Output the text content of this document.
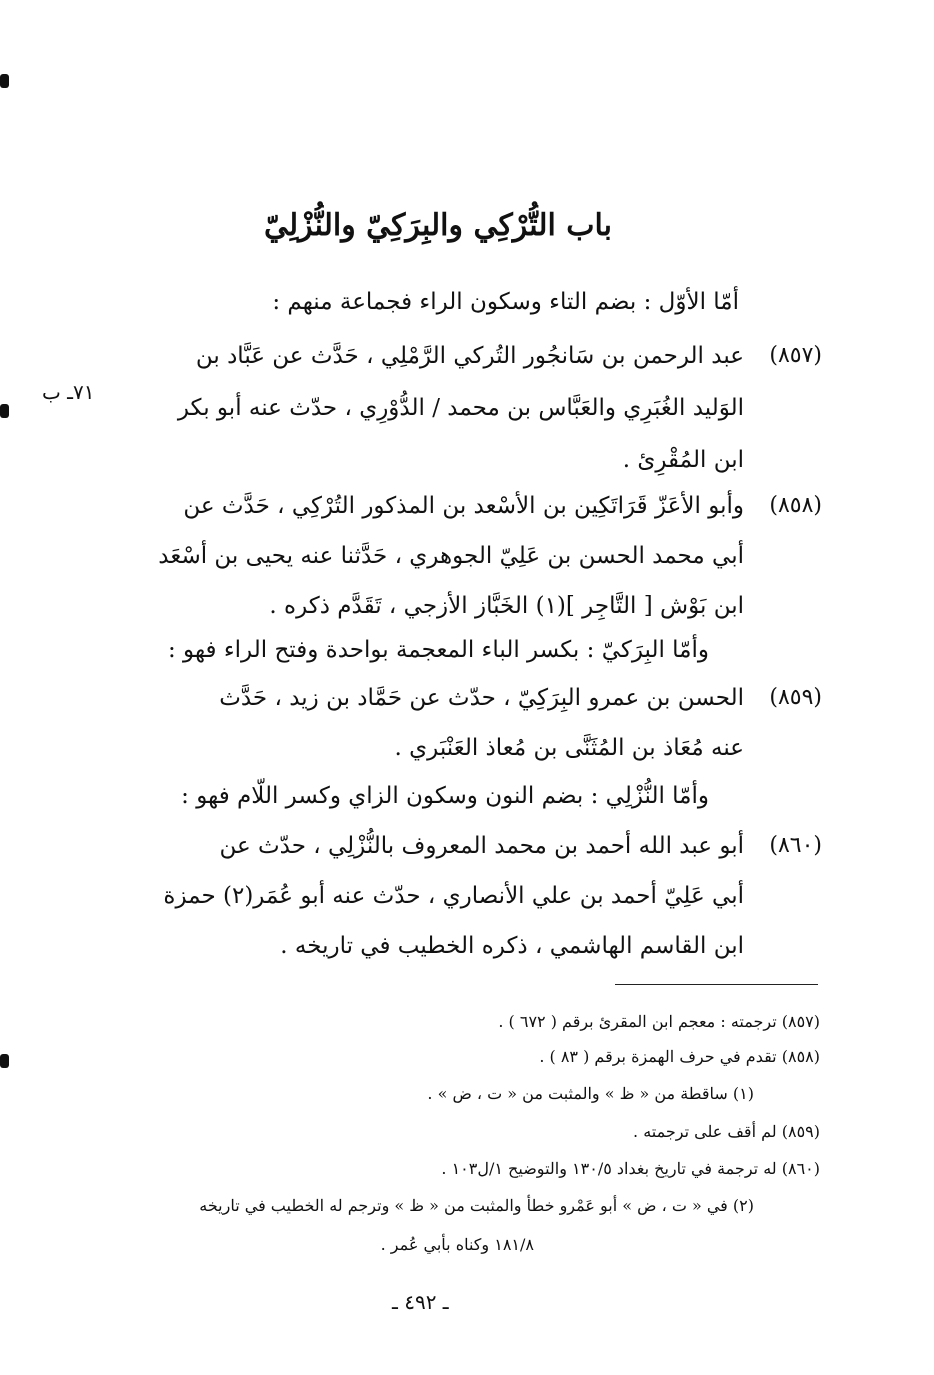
باب التُّرْكِي والبِرَكِيّ والنُّزْلِيّ
أمّا الأوّل : بضم التاء وسكون الراء فجماعة منهم :
(٨٥٧)
عبد الرحمن بن سَانجُور التُركي الرَّمْلِي ، حَدَّث عن عَبَّاد بن
الوَليد الغُبَرِي والعَبَّاس بن محمد / الدُّوْرِي ، حدّث عنه أبو بكر
ابن المُقْرِئ .
٧١ـ ب
(٨٥٨)
وأبو الأعَزّ قَرَاتَكِين بن الأسْعد بن المذكور التُرْكِي ، حَدَّث عن
أبي محمد الحسن بن عَلِيّ الجوهري ، حَدَّثنا عنه يحيى بن أسْعَد
ابن بَوْش [ التَّاجِر ](١) الخَبَّاز الأزجي ، تَقَدَّم ذكره .
وأمّا البِرَكيّ : بكسر الباء المعجمة بواحدة وفتح الراء فهو :
(٨٥٩)
الحسن بن عمرو البِرَكِيّ ، حدّث عن حَمَّاد بن زيد ، حَدَّث
عنه مُعَاذ بن المُثَنَّى بن مُعاذ العَنْبَري .
وأمّا النُّزْلِي : بضم النون وسكون الزاي وكسر اللّام فهو :
(٨٦٠)
أبو عبد الله أحمد بن محمد المعروف بالنُّزْلِي ، حدّث عن
أبي عَلِيّ أحمد بن علي الأنصاري ، حدّث عنه أبو عُمَر(٢) حمزة
ابن القاسم الهاشمي ، ذكره الخطيب في تاريخه .
(٨٥٧) ترجمته : معجم ابن المقرئ برقم ( ٦٧٢ ) .
(٨٥٨) تقدم في حرف الهمزة برقم ( ٨٣ ) .
(١) ساقطة من « ظ » والمثبت من « ت ، ض » .
(٨٥٩) لم أقف على ترجمته .
(٨٦٠) له ترجمة في تاريخ بغداد ١٣٠/٥ والتوضيح ١/ل١٠٣ .
(٢) في « ت ، ض » أبو عَمْرو خطأ والمثبت من « ظ » وترجم له الخطيب في تاريخه
١٨١/٨ وكناه بأبي عُمر .
ـ ٤٩٢ ـ
